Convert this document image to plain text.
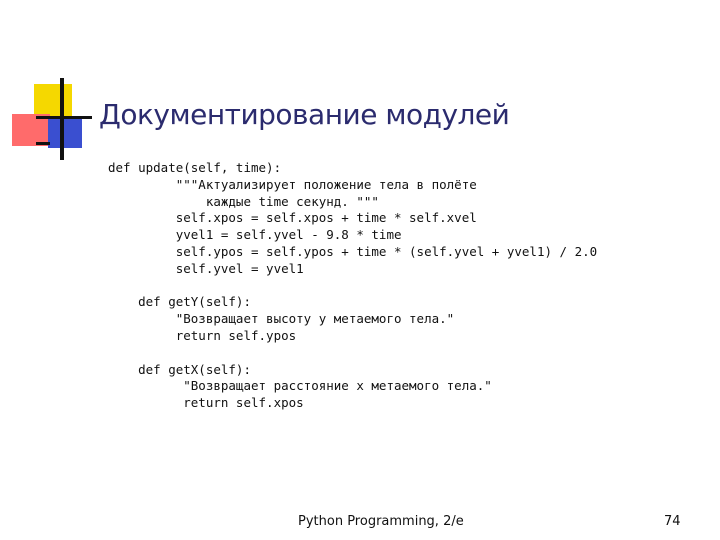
Документирование модулей
def update(self, time):
"""Актуализирует положение тела в полёте
каждые time секунд. """
self.xpos = self.xpos + time * self.xvel
yvel1 = self.yvel - 9.8 * time
self.ypos = self.ypos + time * (self.yvel + yvel1) / 2.0
self.yvel = yvel1
def getY(self):
"Возвращает высоту у метаемого тела."
return self.ypos
def getX(self):
"Возвращает расстояние х метаемого тела."
return self.xpos
Python Programming, 2/e	74
